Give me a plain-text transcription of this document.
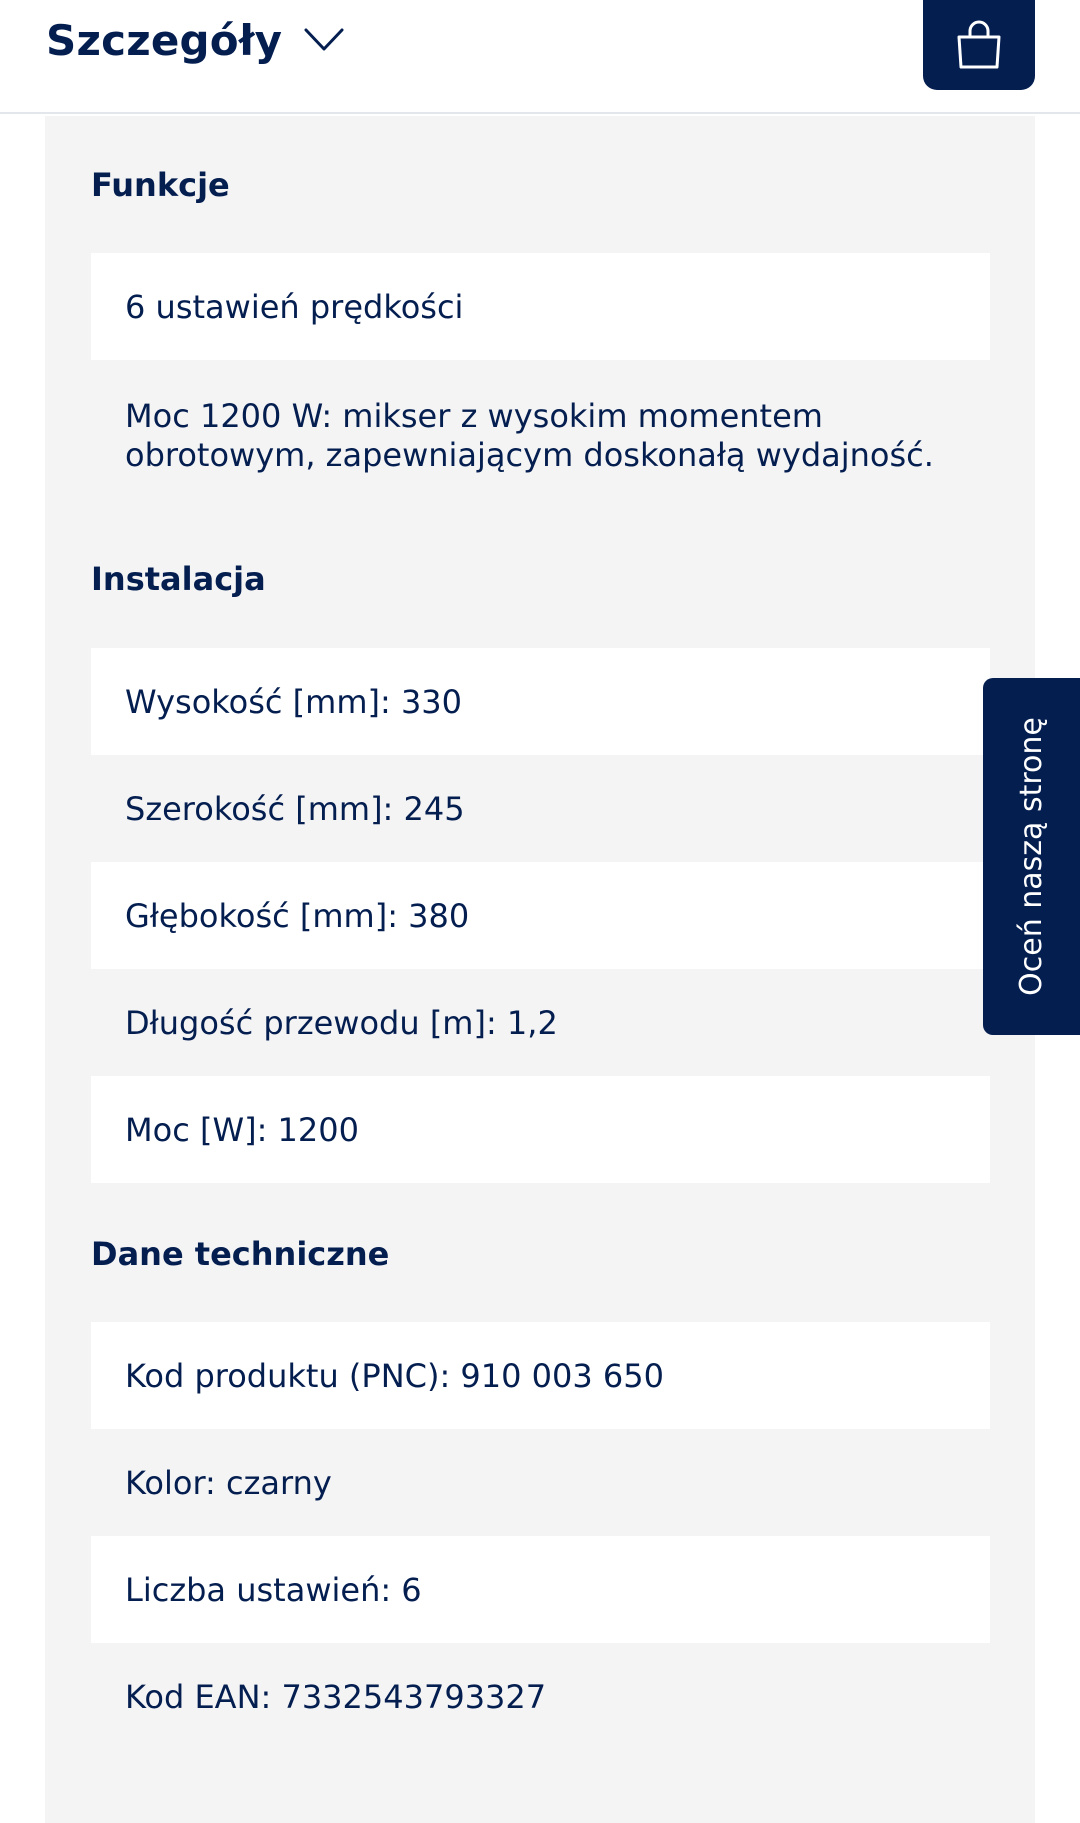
Szczegóły
Funkcje
6 ustawień prędkości
Moc 1200 W: mikser z wysokim momentem obrotowym, zapewniającym doskonałą wydajność.
Instalacja
Wysokość [mm]: 330
Szerokość [mm]: 245
Głębokość [mm]: 380
Długość przewodu [m]: 1,2
Moc [W]: 1200
Dane techniczne
Kod produktu (PNC): 910 003 650
Kolor: czarny
Liczba ustawień: 6
Kod EAN: 7332543793327
Oceń naszą stronę
